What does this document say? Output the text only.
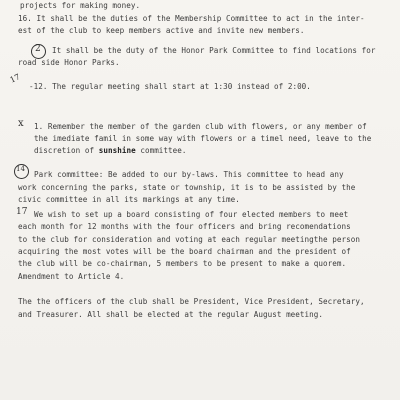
projects for making money.
16. It shall be the duties of the Membership Committee to act in the inter-
est of the club to keep members active and invite new members.
2 It shall be the duty of the Honor Park Committee to find locations for
road side Honor Parks.
17
-12. The regular meeting shall start at 1:30 instead of 2:00.
x 1. Remember the member of the garden club with flowers, or any member of
the imediate famil in some way with flowers or a timel need, leave to the
discretion of sunshine committee.
14
Park committee: Be added to our by-laws. This committee to head any
work concerning the parks, state or township, it is to be assisted by the
civic committee in all its markings at any time.
17 We wish to set up a board consisting of four elected members to meet
each month for 12 months with the four officers and bring recomendations
to the club for consideration and voting at each regular meetingthe person
acquiring the most votes will be the board chairman and the president of
the club will be co-chairman, 5 members to be present to make a quorem.
Amendment to Article 4.
The the officers of the club shall be President, Vice President, Secretary,
and Treasurer. All shall be elected at the regular August meeting.
